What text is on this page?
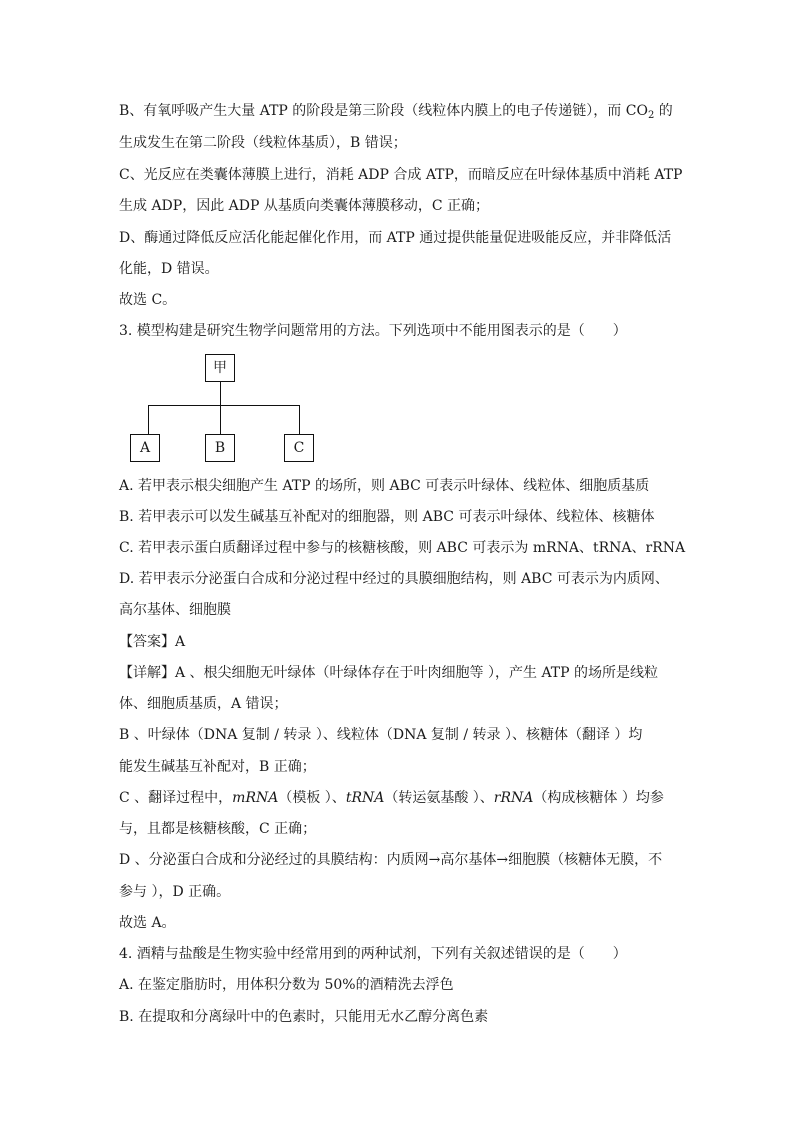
B、有氧呼吸产生大量 ATP 的阶段是第三阶段（线粒体内膜上的电子传递链），而 $CO_2$ 的
生成发生在第二阶段（线粒体基质），B 错误；
C、光反应在类囊体薄膜上进行，消耗 ADP 合成 ATP，而暗反应在叶绿体基质中消耗 ATP
生成 ADP，因此 ADP 从基质向类囊体薄膜移动，C 正确；
D、酶通过降低反应活化能起催化作用，而 ATP 通过提供能量促进吸能反应，并非降低活
化能，D 错误。
故选 C。
3. 模型构建是研究生物学问题常用的方法。下列选项中不能用图表示的是（　　）
甲
A	B	C
A. 若甲表示根尖细胞产生 ATP 的场所，则 ABC 可表示叶绿体、线粒体、细胞质基质
B. 若甲表示可以发生碱基互补配对的细胞器，则 ABC 可表示叶绿体、线粒体、核糖体
C. 若甲表示蛋白质翻译过程中参与的核糖核酸，则 ABC 可表示为 mRNA、tRNA、rRNA
D. 若甲表示分泌蛋白合成和分泌过程中经过的具膜细胞结构，则 ABC 可表示为内质网、
高尔基体、细胞膜
【答案】A
【详解】A 、根尖细胞无叶绿体（叶绿体存在于叶肉细胞等 ），产生 ATP 的场所是线粒
体、细胞质基质，A 错误；
B 、叶绿体（DNA 复制 / 转录 ）、线粒体（DNA 复制 / 转录 ）、核糖体（翻译 ）均
能发生碱基互补配对，B 正确；
C 、翻译过程中，mRNA（模板 ）、tRNA（转运氨基酸 ）、rRNA（构成核糖体 ）均参
与，且都是核糖核酸，C 正确；
D 、分泌蛋白合成和分泌经过的具膜结构：内质网→高尔基体→细胞膜（核糖体无膜，不
参与 ），D 正确。
故选 A。
4. 酒精与盐酸是生物实验中经常用到的两种试剂，下列有关叙述错误的是（　　）
A. 在鉴定脂肪时，用体积分数为 50%的酒精洗去浮色
B. 在提取和分离绿叶中的色素时，只能用无水乙醇分离色素
